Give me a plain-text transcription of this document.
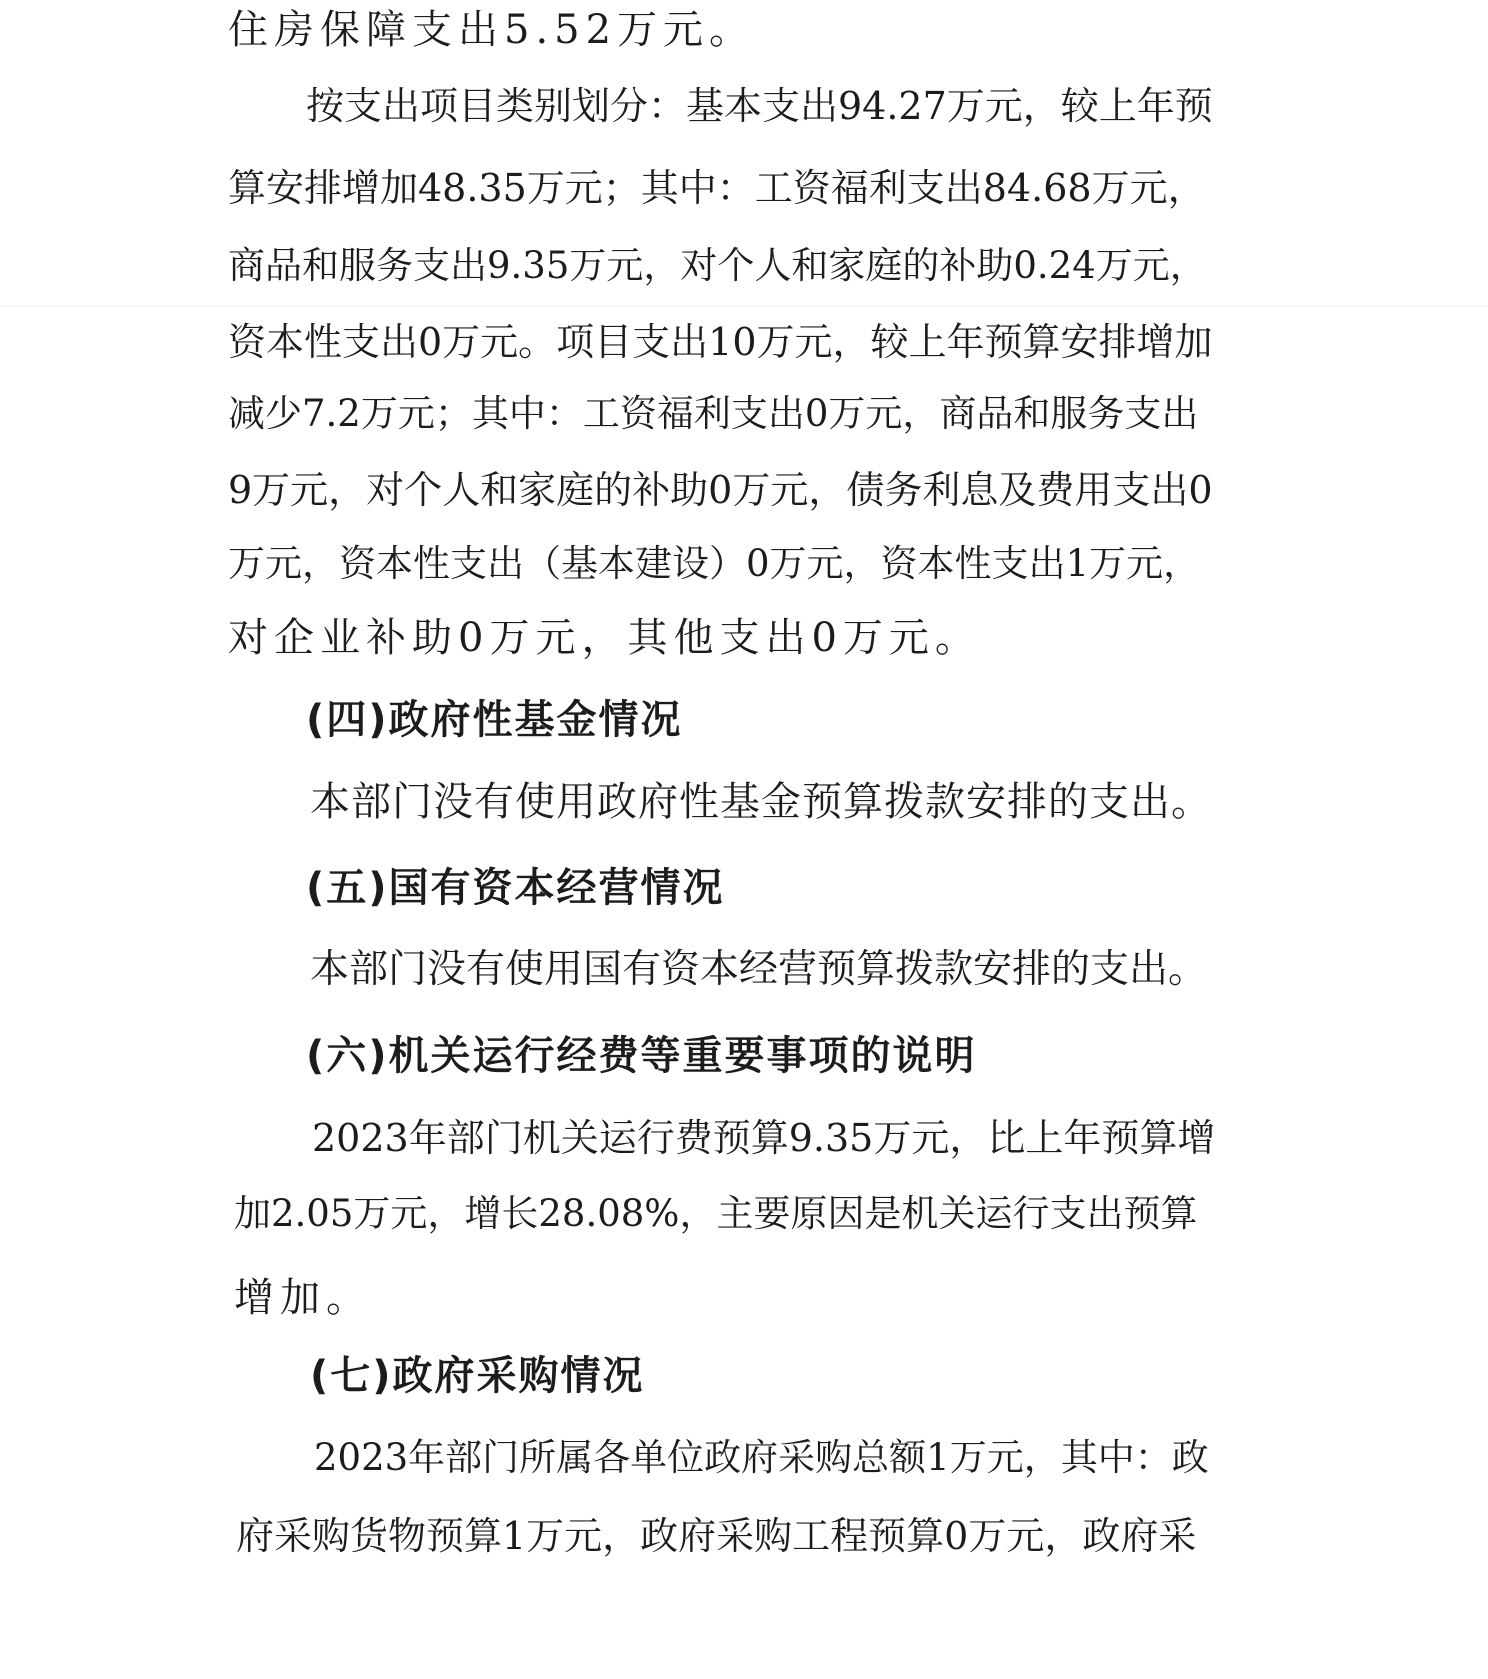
住房保障支出5.52万元。
按支出项目类别划分：基本支出94.27万元，较上年预
算安排增加48.35万元；其中：工资福利支出84.68万元，
商品和服务支出9.35万元，对个人和家庭的补助0.24万元，
资本性支出0万元。项目支出10万元，较上年预算安排增加
减少7.2万元；其中：工资福利支出0万元，商品和服务支出
9万元，对个人和家庭的补助0万元，债务利息及费用支出0
万元，资本性支出（基本建设）0万元，资本性支出1万元，
对企业补助0万元，其他支出0万元。
(四)政府性基金情况
本部门没有使用政府性基金预算拨款安排的支出。
(五)国有资本经营情况
本部门没有使用国有资本经营预算拨款安排的支出。
(六)机关运行经费等重要事项的说明
2023年部门机关运行费预算9.35万元，比上年预算增
加2.05万元，增长28.08%，主要原因是机关运行支出预算
增加。
(七)政府采购情况
2023年部门所属各单位政府采购总额1万元，其中：政
府采购货物预算1万元，政府采购工程预算0万元，政府采
